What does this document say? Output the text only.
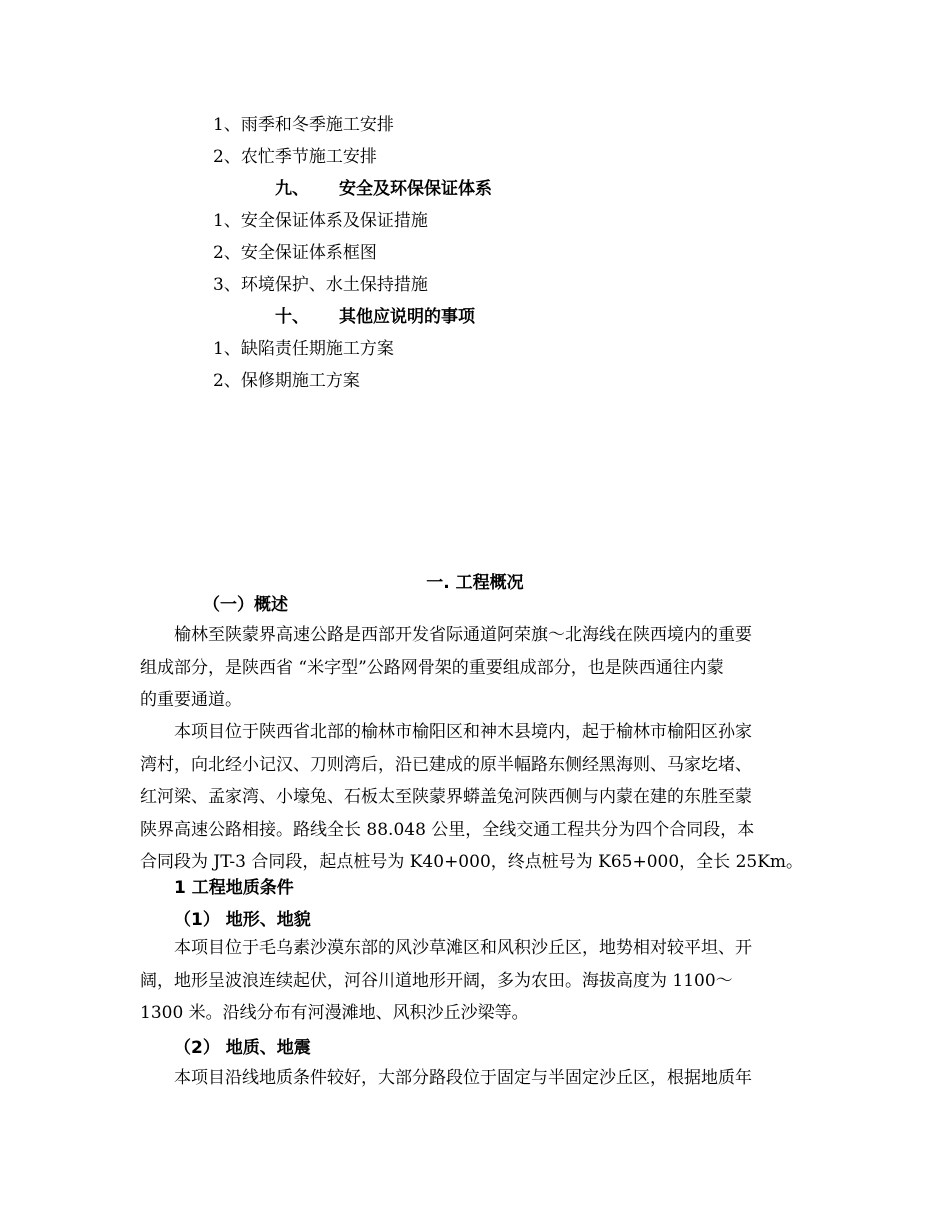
1、雨季和冬季施工安排
2、农忙季节施工安排
九、 安全及环保保证体系
1、安全保证体系及保证措施
2、安全保证体系框图
3、环境保护、水土保持措施
十、 其他应说明的事项
1、缺陷责任期施工方案
2、保修期施工方案
一. 工程概况
（一）概述
榆林至陕蒙界高速公路是西部开发省际通道阿荣旗～北海线在陕西境内的重要
组成部分，是陕西省 “米字型”公路网骨架的重要组成部分，也是陕西通往内蒙
的重要通道。
本项目位于陕西省北部的榆林市榆阳区和神木县境内，起于榆林市榆阳区孙家
湾村，向北经小记汉、刀则湾后，沿已建成的原半幅路东侧经黑海则、马家圪堵、
红河梁、孟家湾、小壕兔、石板太至陕蒙界蟒盖兔河陕西侧与内蒙在建的东胜至蒙
陕界高速公路相接。路线全长 88.048 公里，全线交通工程共分为四个合同段，本
合同段为 JT-3 合同段，起点桩号为 K40+000，终点桩号为 K65+000，全长 25Km。
1 工程地质条件
（1） 地形、地貌
本项目位于毛乌素沙漠东部的风沙草滩区和风积沙丘区，地势相对较平坦、开
阔，地形呈波浪连续起伏，河谷川道地形开阔，多为农田。海拔高度为 1100～
1300 米。沿线分布有河漫滩地、风积沙丘沙梁等。
（2） 地质、地震
本项目沿线地质条件较好，大部分路段位于固定与半固定沙丘区，根据地质年
